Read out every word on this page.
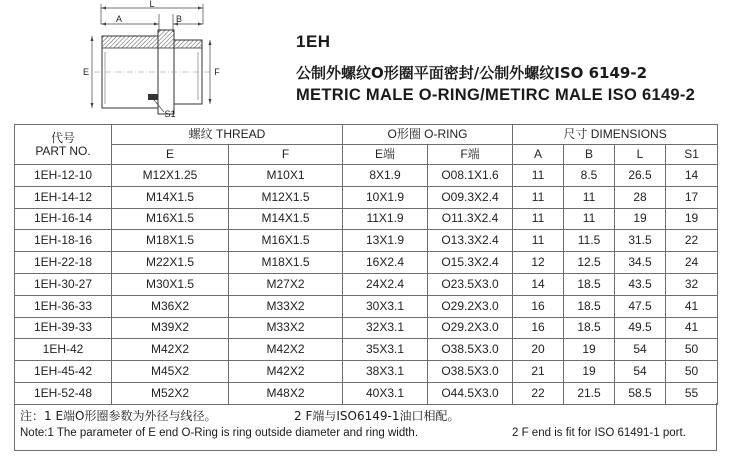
L
A	B
E	F
S1
1EH
公制外螺纹O形圈平面密封/公制外螺纹ISO 6149-2
METRIC MALE O-RING/METIRC MALE ISO 6149-2
代号
PART NO.	螺纹 THREAD		O形圈 O-RING		尺寸 DIMENSIONS			
	E	F	E端	F端	A	B	L	S1
1EH-12-10	M12X1.25	M10X1	8X1.9	O08.1X1.6	11	8.5	26.5	14
1EH-14-12	M14X1.5	M12X1.5	10X1.9	O09.3X2.4	11	11	28	17
1EH-16-14	M16X1.5	M14X1.5	11X1.9	O11.3X2.4	11	11	19	19
1EH-18-16	M18X1.5	M16X1.5	13X1.9	O13.3X2.4	11	11.5	31.5	22
1EH-22-18	M22X1.5	M18X1.5	16X2.4	O15.3X2.4	12	12.5	34.5	24
1EH-30-27	M30X1.5	M27X2	24X2.4	O23.5X3.0	14	18.5	43.5	32
1EH-36-33	M36X2	M33X2	30X3.1	O29.2X3.0	16	18.5	47.5	41
1EH-39-33	M39X2	M33X2	32X3.1	O29.2X3.0	16	18.5	49.5	41
1EH-42	M42X2	M42X2	35X3.1	O38.5X3.0	20	19	54	50
1EH-45-42	M45X2	M42X2	38X3.1	O38.5X3.0	21	19	54	50
1EH-52-48	M52X2	M48X2	40X3.1	O44.5X3.0	22	21.5	58.5	55
注：1 E端O形圈参数为外径与线径。	2 F端与ISO6149-1油口相配。
Note:1 The parameter of E end O-Ring is ring outside diameter and ring width.	2 F end is fit for ISO 61491-1 port.
